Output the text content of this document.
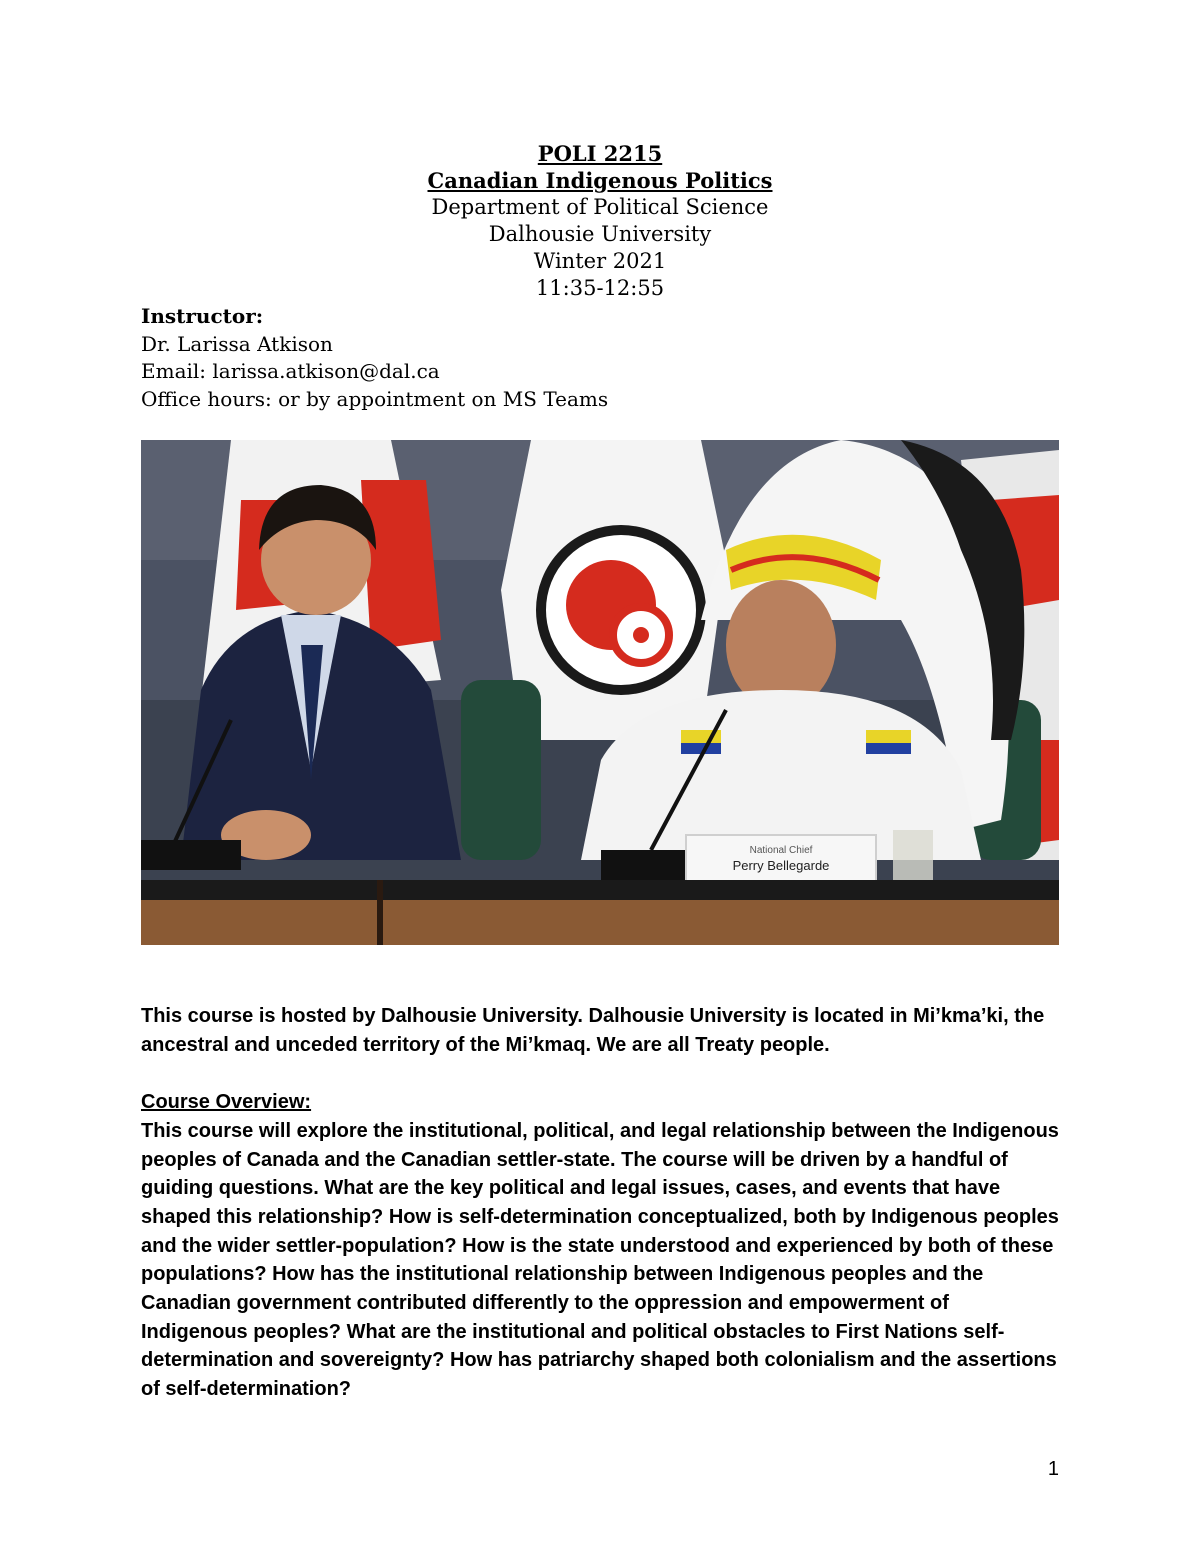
POLI 2215
Canadian Indigenous Politics
Department of Political Science
Dalhousie University
Winter 2021
11:35-12:55
Instructor:
Dr. Larissa Atkison
Email: larissa.atkison@dal.ca
Office hours: or by appointment on MS Teams
National Chief
Perry Bellegarde

This course is hosted by Dalhousie University. Dalhousie University is located in Mi’kma’ki, the ancestral and unceded territory of the Mi’kmaq. We are all Treaty people.

Course Overview:

This course will explore the institutional, political, and legal relationship between the Indigenous peoples of Canada and the Canadian settler-state. The course will be driven by a handful of guiding questions. What are the key political and legal issues, cases, and events that have shaped this relationship? How is self-determination conceptualized, both by Indigenous peoples and the wider settler-population? How is the state understood and experienced by both of these populations? How has the institutional relationship between Indigenous peoples and the Canadian government contributed differently to the oppression and empowerment of Indigenous peoples? What are the institutional and political obstacles to First Nations self-determination and sovereignty? How has patriarchy shaped both colonialism and the assertions of self-determination?

1
